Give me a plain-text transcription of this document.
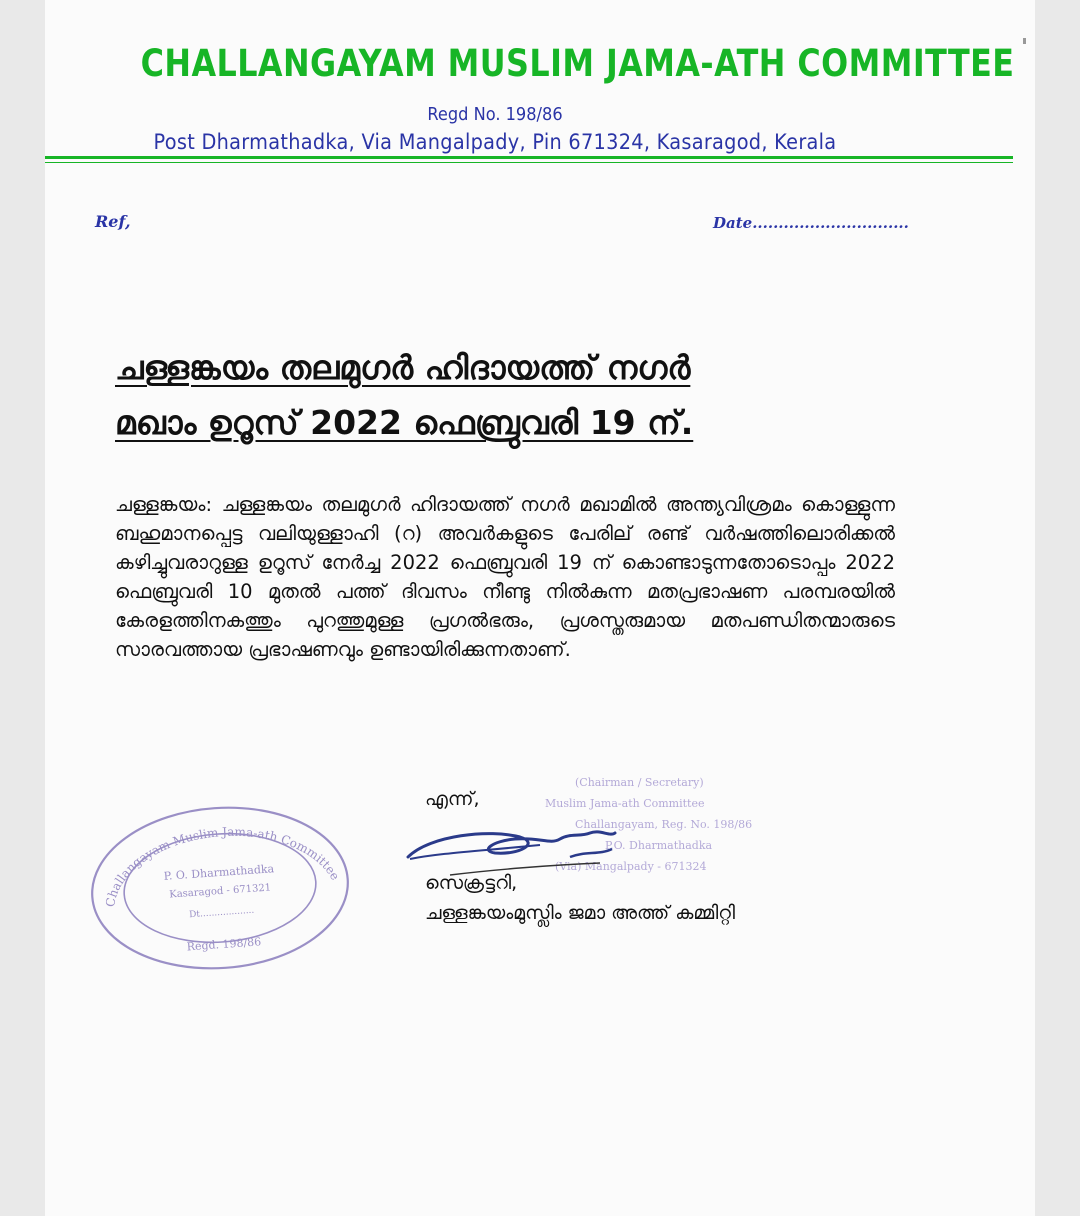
CHALLANGAYAM MUSLIM JAMA-ATH COMMITTEE
Regd No. 198/86
Post Dharmathadka, Via Mangalpady, Pin 671324, Kasaragod, Kerala
Ref,	Date..............................
ചള്ളങ്കയം തലമുഗർ ഹിദായത്ത് നഗർ
മഖാം ഉറൂസ് 2022 ഫെബ്രുവരി 19 ന്.
ചള്ളങ്കയം: ചള്ളങ്കയം തലമുഗർ ഹിദായത്ത് നഗർ മഖാമിൽ അന്ത്യവിശ്രമം കൊള്ളുന്ന ബഹുമാനപ്പെട്ട വലിയുള്ളാഹി (റ) അവർകളുടെ പേരില് രണ്ട് വർഷത്തിലൊരിക്കൽ കഴിച്ചുവരാറുള്ള ഉറൂസ് നേർച്ച 2022 ഫെബ്രുവരി 19 ന് കൊണ്ടാടുന്നതോടൊപ്പം 2022 ഫെബ്രുവരി 10 മുതൽ പത്ത് ദിവസം നീണ്ടു നിൽകുന്ന മതപ്രഭാഷണ പരമ്പരയിൽ കേരളത്തിനകത്തും പുറത്തുമുള്ള പ്രഗൽഭരും, പ്രശസ്തരുമായ മതപണ്ഡിതന്മാരുടെ സാരവത്തായ പ്രഭാഷണവും ഉണ്ടായിരിക്കുന്നതാണ്.
Challangayam Muslim Jama-ath Committee
P. O. Dharmathadka
Kasaragod - 671321
Dt...................
Regd. 198/86
(Chairman / Secretary)
Muslim Jama-ath Committee
Challangayam, Reg. No. 198/86
P.O. Dharmathadka
(Via) Mangalpady - 671324
എന്ന്,
സെക്രട്ടറി,
ചള്ളങ്കയംമുസ്ലിം ജമാ അത്ത് കമ്മിറ്റി
